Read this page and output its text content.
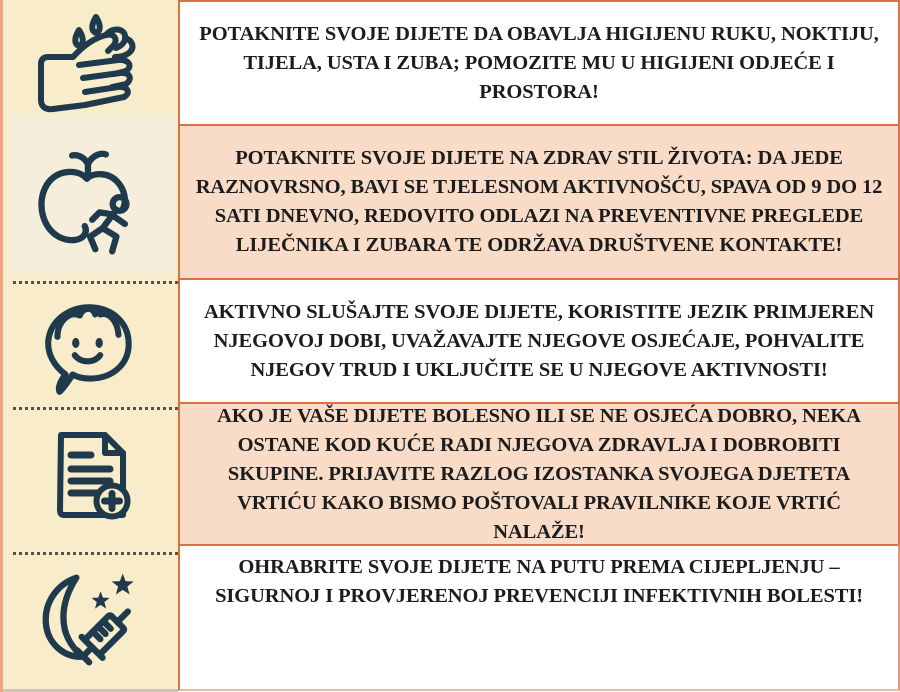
POTAKNITE SVOJE DIJETE DA OBAVLJA HIGIJENU RUKU, NOKTIJU, TIJELA, USTA I ZUBA; POMOZITE MU U HIGIJENI ODJEĆE I PROSTORA!

POTAKNITE SVOJE DIJETE NA ZDRAV STIL ŽIVOTA: DA JEDE RAZNOVRSNO, BAVI SE TJELESNOM AKTIVNOŠĆU, SPAVA OD 9 DO 12 SATI DNEVNO, REDOVITO ODLAZI NA PREVENTIVNE PREGLEDE LIJEČNIKA I ZUBARA TE ODRŽAVA DRUŠTVENE KONTAKTE!

AKTIVNO SLUŠAJTE SVOJE DIJETE, KORISTITE JEZIK PRIMJEREN NJEGOVOJ DOBI, UVAŽAVAJTE NJEGOVE OSJEĆAJE, POHVALITE NJEGOV TRUD I UKLJUČITE SE U NJEGOVE AKTIVNOSTI!

AKO JE VAŠE DIJETE BOLESNO ILI SE NE OSJEĆA DOBRO, NEKA OSTANE KOD KUĆE RADI NJEGOVA ZDRAVLJA I DOBROBITI SKUPINE. PRIJAVITE RAZLOG IZOSTANKA SVOJEGA DJETETA VRTIĆU KAKO BISMO POŠTOVALI PRAVILNIKE KOJE VRTIĆ NALAŽE!

OHRABRITE SVOJE DIJETE NA PUTU PREMA CIJEPLJENJU – SIGURNOJ I PROVJERENOJ PREVENCIJI INFEKTIVNIH BOLESTI!
